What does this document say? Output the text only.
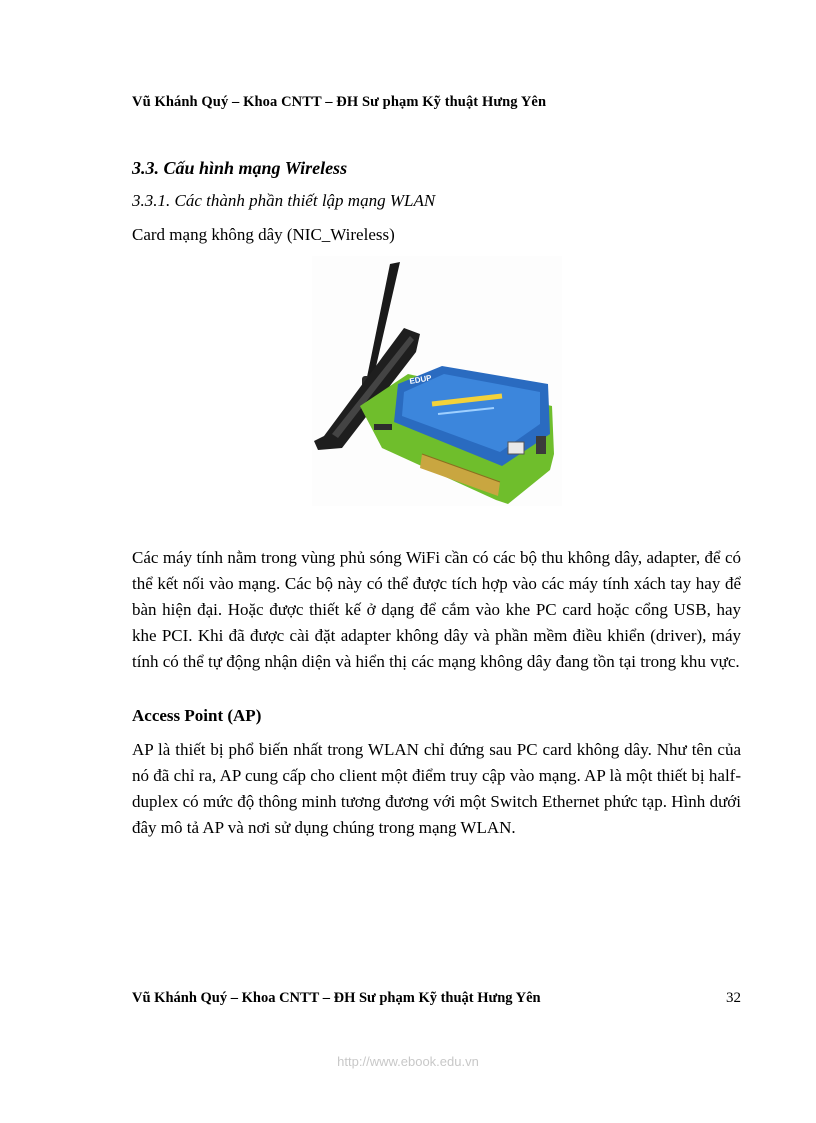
Vũ Khánh Quý – Khoa CNTT – ĐH Sư phạm Kỹ thuật Hưng Yên
3.3. Cấu hình mạng Wireless
3.3.1. Các thành phần thiết lập mạng WLAN
Card mạng không dây (NIC_Wireless)
EDUP

Các máy tính nằm trong vùng phủ sóng WiFi cần có các bộ thu không dây, adapter, để có thể kết nối vào mạng. Các bộ này có thể được tích hợp vào các máy tính xách tay hay để bàn hiện đại. Hoặc được thiết kế ở dạng để cắm vào khe PC card hoặc cổng USB, hay khe PCI. Khi đã được cài đặt adapter không dây và phần mềm điều khiển (driver), máy tính có thể tự động nhận diện và hiển thị các mạng không dây đang tồn tại trong khu vực.

Access Point (AP)

AP là thiết bị phổ biến nhất trong WLAN chỉ đứng sau PC card không dây. Như tên của nó đã chỉ ra, AP cung cấp cho client một điểm truy cập vào mạng. AP là một thiết bị half-duplex có mức độ thông minh tương đương với một Switch Ethernet phức tạp. Hình dưới đây mô tả AP và nơi sử dụng chúng trong mạng WLAN.

Vũ Khánh Quý – Khoa CNTT – ĐH Sư phạm Kỹ thuật Hưng Yên	32
http://www.ebook.edu.vn
